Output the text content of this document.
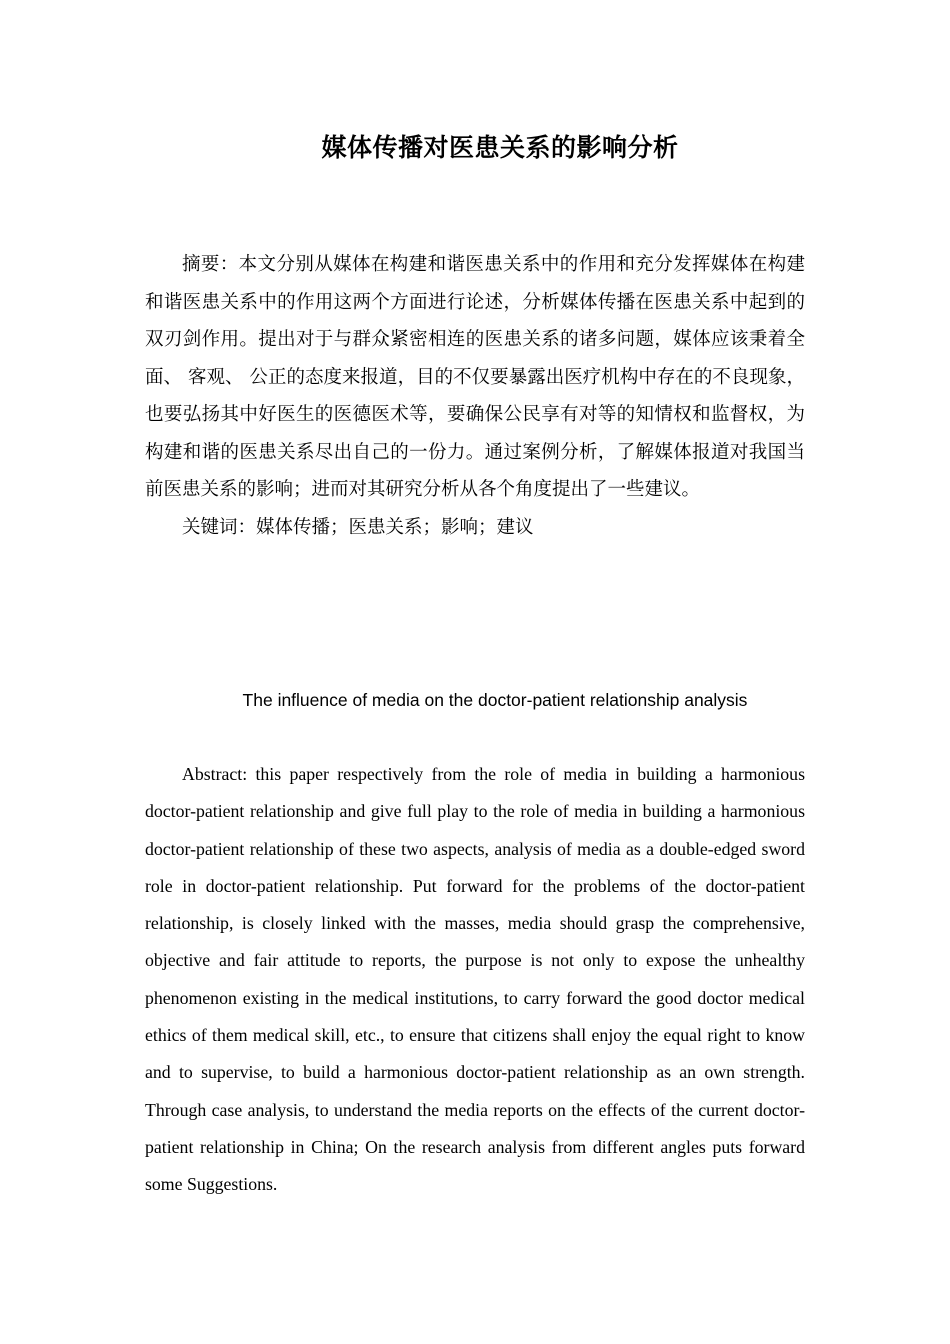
媒体传播对医患关系的影响分析

摘要：本文分别从媒体在构建和谐医患关系中的作用和充分发挥媒体在构建和谐医患关系中的作用这两个方面进行论述，分析媒体传播在医患关系中起到的双刃剑作用。提出对于与群众紧密相连的医患关系的诸多问题，媒体应该秉着全面、 客观、 公正的态度来报道，目的不仅要暴露出医疗机构中存在的不良现象，也要弘扬其中好医生的医德医术等，要确保公民享有对等的知情权和监督权，为构建和谐的医患关系尽出自己的一份力。通过案例分析，了解媒体报道对我国当前医患关系的影响；进而对其研究分析从各个角度提出了一些建议。

关键词：媒体传播；医患关系；影响；建议

The influence of media on the doctor-patient relationship analysis

Abstract: this paper respectively from the role of media in building a harmonious doctor-patient relationship and give full play to the role of media in building a harmonious doctor-patient relationship of these two aspects, analysis of media as a double-edged sword role in doctor-patient relationship. Put forward for the problems of the doctor-patient relationship, is closely linked with the masses, media should grasp the comprehensive, objective and fair attitude to reports, the purpose is not only to expose the unhealthy phenomenon existing in the medical institutions, to carry forward the good doctor medical ethics of them medical skill, etc., to ensure that citizens shall enjoy the equal right to know and to supervise, to build a harmonious doctor-patient relationship as an own strength. Through case analysis, to understand the media reports on the effects of the current doctor-patient relationship in China; On the research analysis from different angles puts forward some Suggestions.
